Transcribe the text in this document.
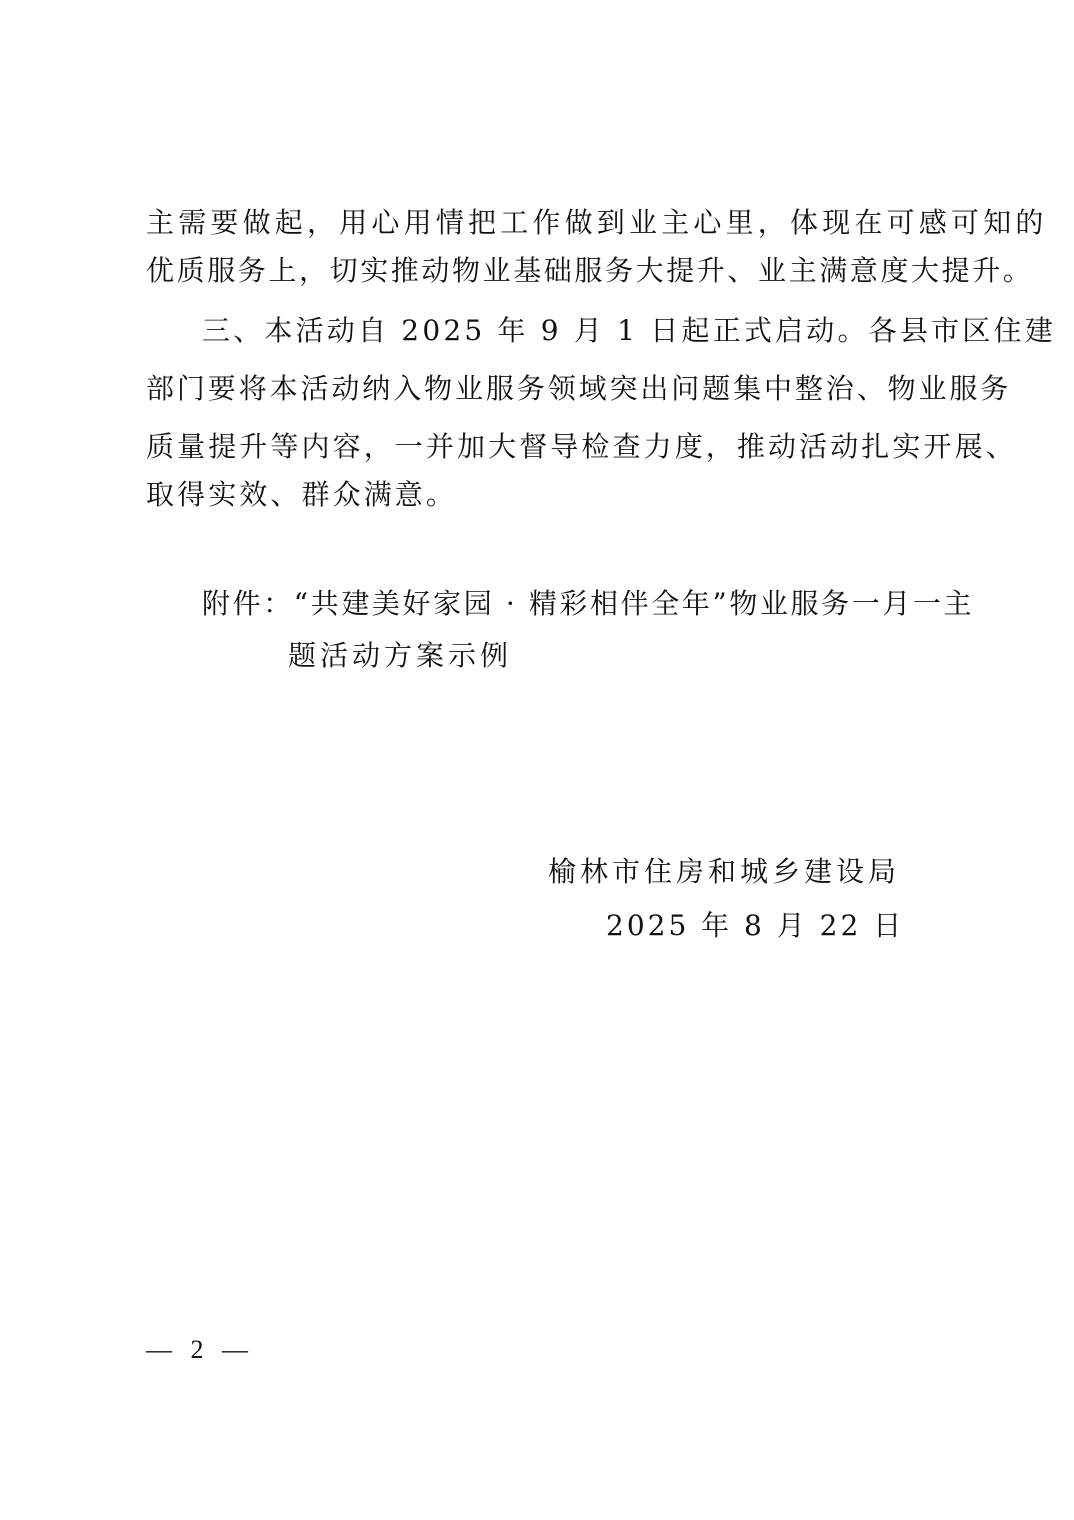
主需要做起，用心用情把工作做到业主心里，体现在可感可知的
优质服务上，切实推动物业基础服务大提升、业主满意度大提升。
三、本活动自 2025 年 9 月 1 日起正式启动。各县市区住建
部门要将本活动纳入物业服务领域突出问题集中整治、物业服务
质量提升等内容，一并加大督导检查力度，推动活动扎实开展、
取得实效、群众满意。
附件：“共建美好家园 · 精彩相伴全年”物业服务一月一主
题活动方案示例
榆林市住房和城乡建设局
2025 年 8 月 22 日
— 2 —
